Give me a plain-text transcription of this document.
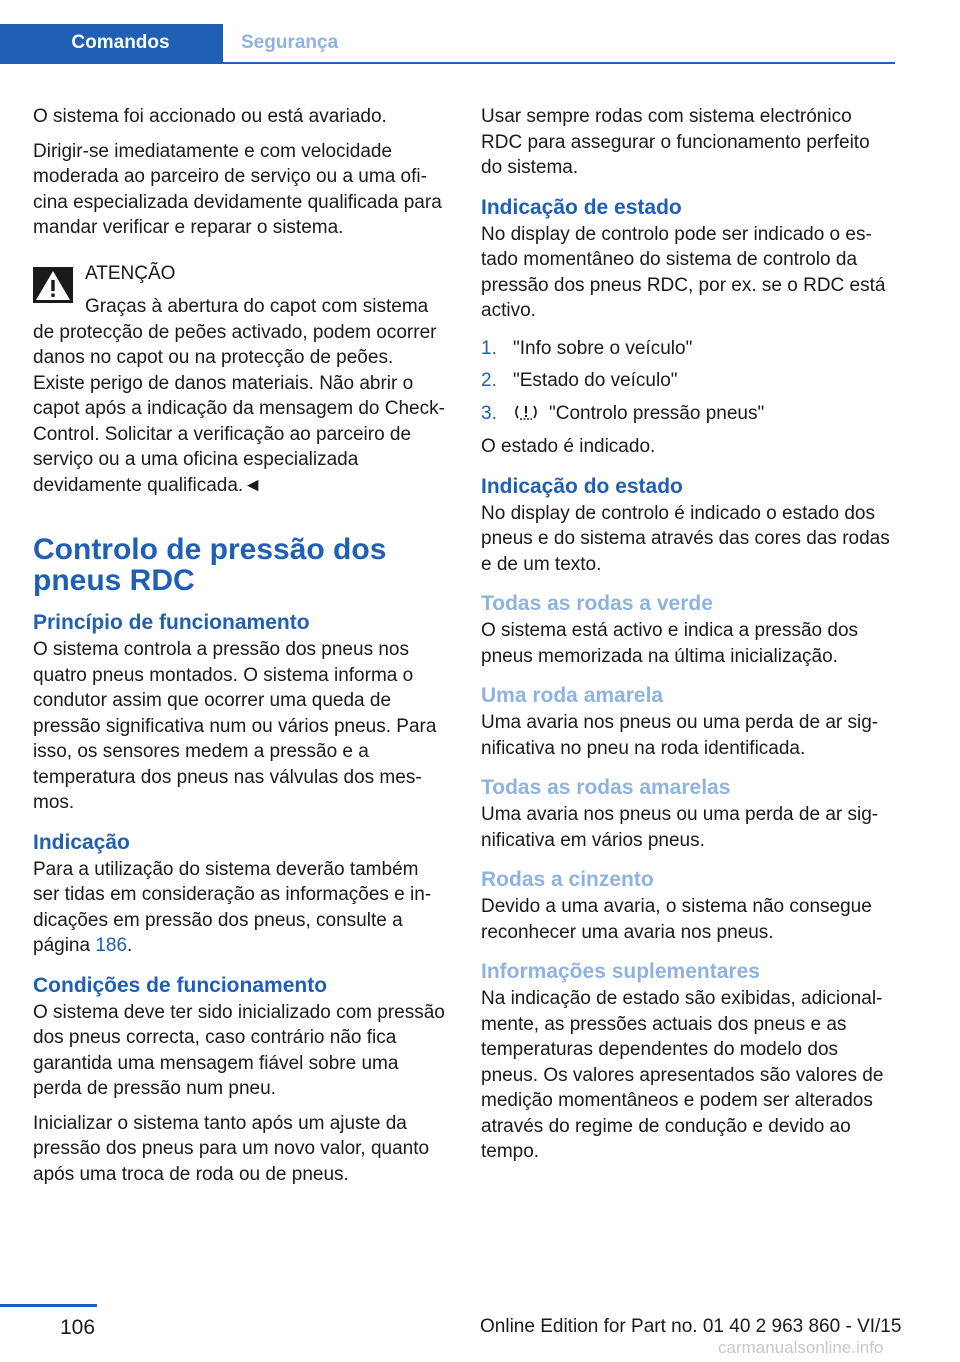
Comandos	Segurança

O sistema foi accionado ou está avariado.

Dirigir-se imediatamente e com velocidade moderada ao parceiro de serviço ou a uma oficina especializada devidamente qualificada para mandar verificar e reparar o sistema.

ATENÇÃO

Graças à abertura do capot com sistema de protecção de peões activado, podem ocorrer danos no capot ou na protecção de peões. Existe perigo de danos materiais. Não abrir o capot após a indicação da mensagem do Check-Control. Solicitar a verificação ao parceiro de serviço ou a uma oficina especializada devidamente qualificada.◄

Controlo de pressão dos pneus RDC
Princípio de funcionamento

O sistema controla a pressão dos pneus nos quatro pneus montados. O sistema informa o condutor assim que ocorrer uma queda de pressão significativa num ou vários pneus. Para isso, os sensores medem a pressão e a temperatura dos pneus nas válvulas dos mesmos.

Indicação

Para a utilização do sistema deverão também ser tidas em consideração as informações e indicações em pressão dos pneus, consulte a página 186.

Condições de funcionamento

O sistema deve ter sido inicializado com pressão dos pneus correcta, caso contrário não fica garantida uma mensagem fiável sobre uma perda de pressão num pneu.

Inicializar o sistema tanto após um ajuste da pressão dos pneus para um novo valor, quanto após uma troca de roda ou de pneus.

Usar sempre rodas com sistema electrónico RDC para assegurar o funcionamento perfeito do sistema.

Indicação de estado

No display de controlo pode ser indicado o estado momentâneo do sistema de controlo da pressão dos pneus RDC, por ex. se o RDC está activo.

1. "Info sobre o veículo"
2. "Estado do veículo"
3.	"Controlo pressão pneus"

O estado é indicado.

Indicação do estado

No display de controlo é indicado o estado dos pneus e do sistema através das cores das rodas e de um texto.

Todas as rodas a verde

O sistema está activo e indica a pressão dos pneus memorizada na última inicialização.

Uma roda amarela

Uma avaria nos pneus ou uma perda de ar significativa no pneu na roda identificada.

Todas as rodas amarelas

Uma avaria nos pneus ou uma perda de ar significativa em vários pneus.

Rodas a cinzento

Devido a uma avaria, o sistema não consegue reconhecer uma avaria nos pneus.

Informações suplementares

Na indicação de estado são exibidas, adicionalmente, as pressões actuais dos pneus e as temperaturas dependentes do modelo dos pneus. Os valores apresentados são valores de medição momentâneos e podem ser alterados através do regime de condução e devido ao tempo.

106	Online Edition for Part no. 01 40 2 963 860 - VI/15
carmanualsonline.info
